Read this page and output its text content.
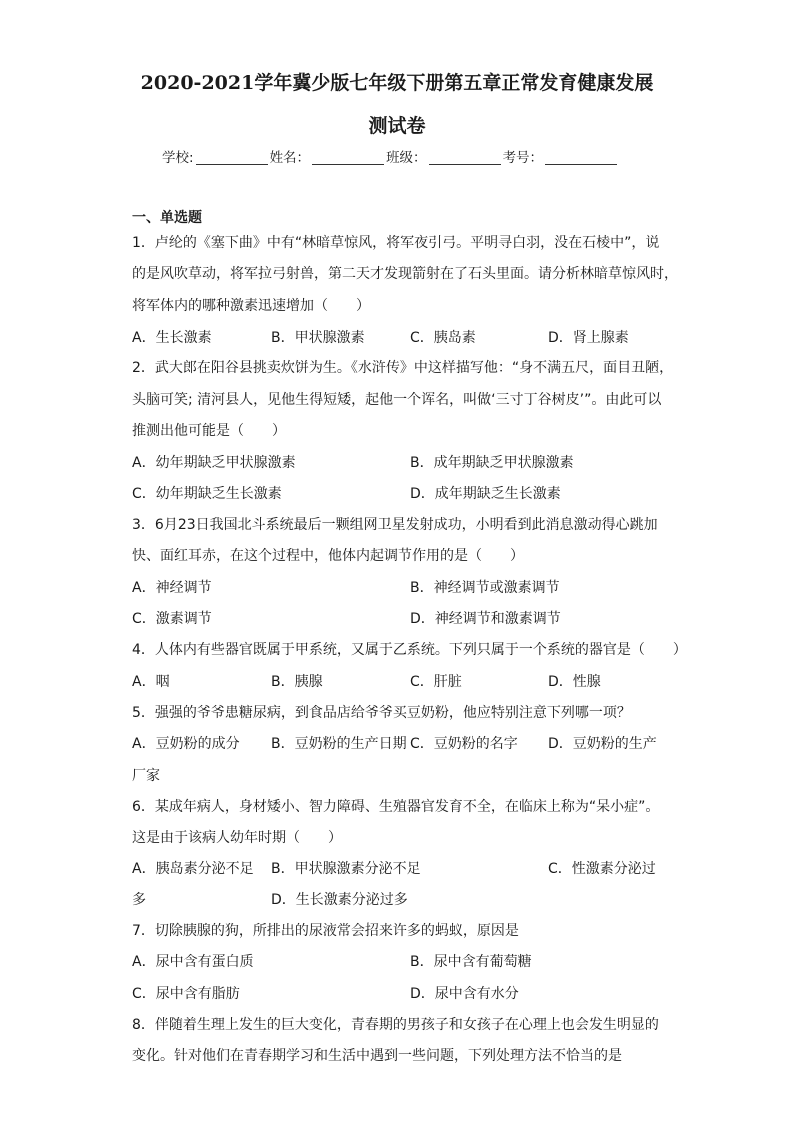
2020-2021学年冀少版七年级下册第五章正常发育健康发展
测试卷
学校:	姓名：	班级：	考号：
一、单选题
1．卢纶的《塞下曲》中有“林暗草惊风，将军夜引弓。平明寻白羽，没在石棱中”，说
的是风吹草动，将军拉弓射兽，第二天才发现箭射在了石头里面。请分析林暗草惊风时，
将军体内的哪种激素迅速增加（　　）
A．生长激素	B．甲状腺激素	C．胰岛素	D．肾上腺素
2．武大郎在阳谷县挑卖炊饼为生。《水浒传》中这样描写他：“身不满五尺，面目丑陋，
头脑可笑; 清河县人，见他生得短矮，起他一个诨名，叫做‘三寸丁谷树皮’”。由此可以
推测出他可能是（　　）
A．幼年期缺乏甲状腺激素	B．成年期缺乏甲状腺激素
C．幼年期缺乏生长激素	D．成年期缺乏生长激素
3．6月23日我国北斗系统最后一颗组网卫星发射成功，小明看到此消息激动得心跳加
快、面红耳赤，在这个过程中，他体内起调节作用的是（　　）
A．神经调节	B．神经调节或激素调节
C．激素调节	D．神经调节和激素调节
4．人体内有些器官既属于甲系统，又属于乙系统。下列只属于一个系统的器官是（　　）
A．咽	B．胰腺	C．肝脏	D．性腺
5．强强的爷爷患糖尿病，到食品店给爷爷买豆奶粉，他应特别注意下列哪一项？
A．豆奶粉的成分 B．豆奶粉的生产日期 C．豆奶粉的名字 D．豆奶粉的生产
厂家
6．某成年病人，身材矮小、智力障碍、生殖器官发育不全，在临床上称为“呆小症”。
这是由于该病人幼年时期（　　）
A．胰岛素分泌不足 B．甲状腺激素分泌不足	C．性激素分泌过
多	D．生长激素分泌过多
7．切除胰腺的狗，所排出的尿液常会招来许多的蚂蚁，原因是
A．尿中含有蛋白质	B．尿中含有葡萄糖
C．尿中含有脂肪	D．尿中含有水分
8．伴随着生理上发生的巨大变化，青春期的男孩子和女孩子在心理上也会发生明显的
变化。针对他们在青春期学习和生活中遇到一些问题，下列处理方法不恰当的是
